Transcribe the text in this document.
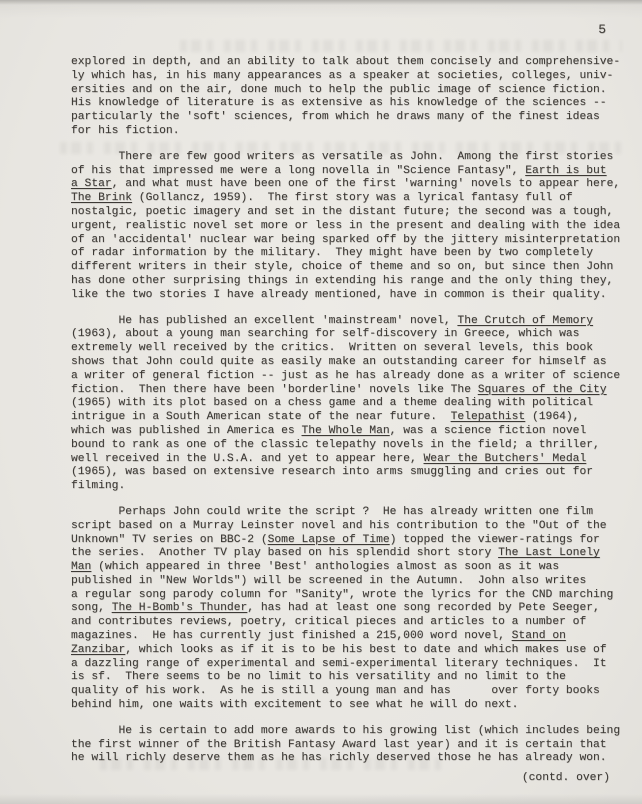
5
explored in depth, and an ability to talk about them concisely and comprehensive-
ly which has, in his many appearances as a speaker at societies, colleges, univ-
ersities and on the air, done much to help the public image of science fiction.
His knowledge of literature is as extensive as his knowledge of the sciences --
particularly the 'soft' sciences, from which he draws many of the finest ideas
for his fiction.
There are few good writers as versatile as John.  Among the first stories
of his that impressed me were a long novella in "Science Fantasy", Earth is but
a Star, and what must have been one of the first 'warning' novels to appear here,
The Brink (Gollancz, 1959).  The first story was a lyrical fantasy full of
nostalgic, poetic imagery and set in the distant future; the second was a tough,
urgent, realistic novel set more or less in the present and dealing with the idea
of an 'accidental' nuclear war being sparked off by the jittery misinterpretation
of radar information by the military.  They might have been by two completely
different writers in their style, choice of theme and so on, but since then John
has done other surprising things in extending his range and the only thing they,
like the two stories I have already mentioned, have in common is their quality.
He has published an excellent 'mainstream' novel, The Crutch of Memory
(1963), about a young man searching for self-discovery in Greece, which was
extremely well received by the critics.  Written on several levels, this book
shows that John could quite as easily make an outstanding career for himself as
a writer of general fiction -- just as he has already done as a writer of science
fiction.  Then there have been 'borderline' novels like The Squares of the City
(1965) with its plot based on a chess game and a theme dealing with political
intrigue in a South American state of the near future.  Telepathist (1964),
which was published in America es The Whole Man, was a science fiction novel
bound to rank as one of the classic telepathy novels in the field; a thriller,
well received in the U.S.A. and yet to appear here, Wear the Butchers' Medal
(1965), was based on extensive research into arms smuggling and cries out for
filming.
Perhaps John could write the script ?  He has already written one film
script based on a Murray Leinster novel and his contribution to the "Out of the
Unknown" TV series on BBC-2 (Some Lapse of Time) topped the viewer-ratings for
the series.  Another TV play based on his splendid short story The Last Lonely
Man (which appeared in three 'Best' anthologies almost as soon as it was
published in "New Worlds") will be screened in the Autumn.  John also writes
a regular song parody column for "Sanity", wrote the lyrics for the CND marching
song, The H-Bomb's Thunder, has had at least one song recorded by Pete Seeger,
and contributes reviews, poetry, critical pieces and articles to a number of
magazines.  He has currently just finished a 215,000 word novel, Stand on
Zanzibar, which looks as if it is to be his best to date and which makes use of
a dazzling range of experimental and semi-experimental literary techniques.  It
is sf.  There seems to be no limit to his versatility and no limit to the
quality of his work.  As he is still a young man and has      over forty books
behind him, one waits with excitement to see what he will do next.
He is certain to add more awards to his growing list (which includes being
the first winner of the British Fantasy Award last year) and it is certain that
he will richly deserve them as he has richly deserved those he has already won.
(contd. over)
